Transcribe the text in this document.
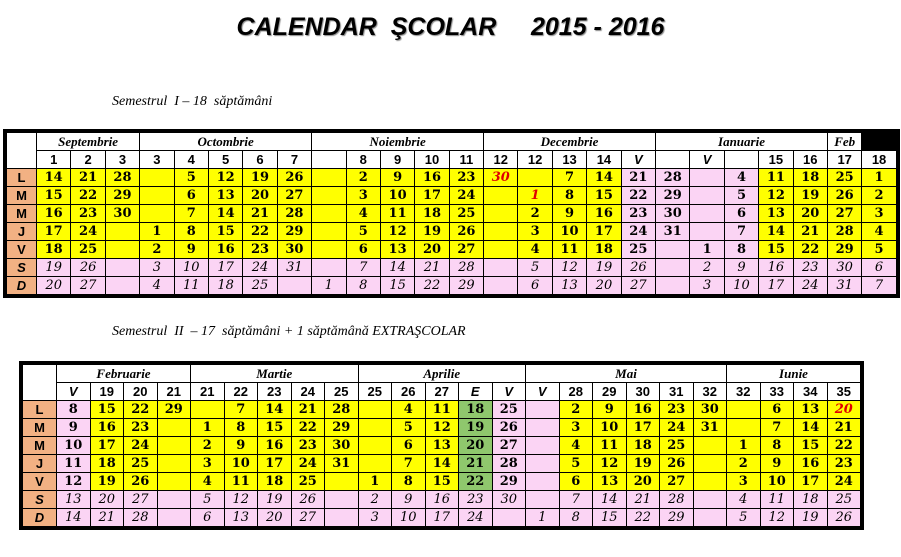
CALENDAR  ŞCOLAR     2015 - 2016
Semestrul  I – 18  săptămâni
	Septembrie			Octombrie					Noiembrie					Decembrie					Ianuarie					Feb	
	1	2	3	3	4	5	6	7		8	9	10	11	12	12	13	14	V		V		15	16	17	18
L	14	21	28		5	12	19	26		2	9	16	23	30		7	14	21	28		4	11	18	25	1
M	15	22	29		6	13	20	27		3	10	17	24		1	8	15	22	29		5	12	19	26	2
M	16	23	30		7	14	21	28		4	11	18	25		2	9	16	23	30		6	13	20	27	3
J	17	24		1	8	15	22	29		5	12	19	26		3	10	17	24	31		7	14	21	28	4
V	18	25		2	9	16	23	30		6	13	20	27		4	11	18	25		1	8	15	22	29	5
S	19	26		3	10	17	24	31		7	14	21	28		5	12	19	26		2	9	16	23	30	6
D	20	27		4	11	18	25		1	8	15	22	29		6	13	20	27		3	10	17	24	31	7
Semestrul  II  – 17  săptămâni + 1 săptămână EXTRAŞCOLAR
	Februarie				Martie					Aprilie					Mai						Iunie			
	V	19	20	21	21	22	23	24	25	25	26	27	E	V	V	28	29	30	31	32	32	33	34	35
L	8	15	22	29		7	14	21	28		4	11	18	25		2	9	16	23	30		6	13	20
M	9	16	23		1	8	15	22	29		5	12	19	26		3	10	17	24	31		7	14	21
M	10	17	24		2	9	16	23	30		6	13	20	27		4	11	18	25		1	8	15	22
J	11	18	25		3	10	17	24	31		7	14	21	28		5	12	19	26		2	9	16	23
V	12	19	26		4	11	18	25		1	8	15	22	29		6	13	20	27		3	10	17	24
S	13	20	27		5	12	19	26		2	9	16	23	30		7	14	21	28		4	11	18	25
D	14	21	28		6	13	20	27		3	10	17	24		1	8	15	22	29		5	12	19	26
